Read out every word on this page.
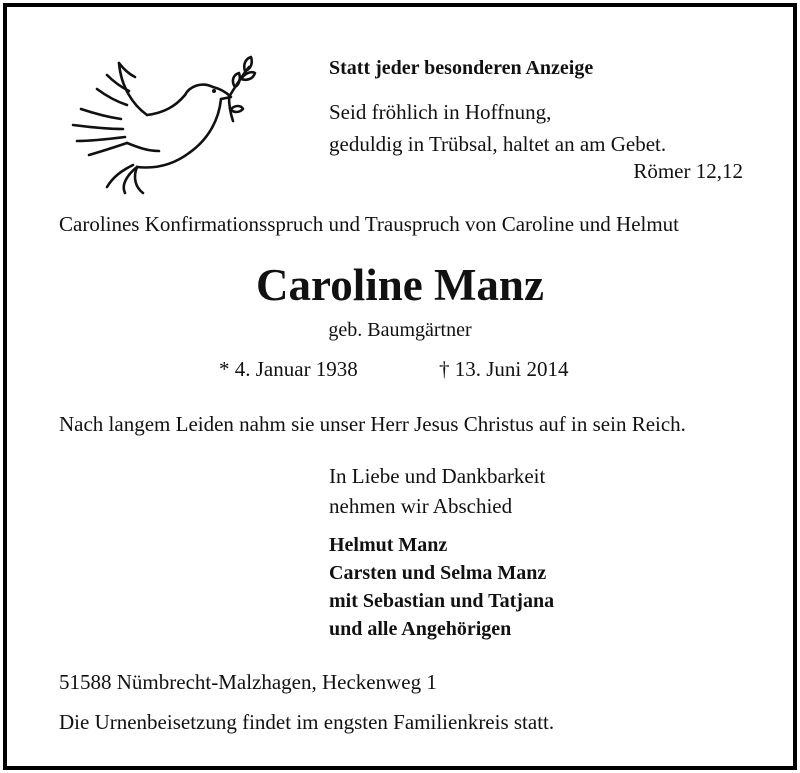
Statt jeder besonderen Anzeige
Seid fröhlich in Hoffnung,
geduldig in Trübsal, haltet an am Gebet.
Römer 12,12
Carolines Konfirmationsspruch und Trauspruch von Caroline und Helmut
Caroline Manz
geb. Baumgärtner
* 4. Januar 1938	† 13. Juni 2014
Nach langem Leiden nahm sie unser Herr Jesus Christus auf in sein Reich.
In Liebe und Dankbarkeit
nehmen wir Abschied
Helmut Manz
Carsten und Selma Manz
mit Sebastian und Tatjana
und alle Angehörigen
51588 Nümbrecht-Malzhagen, Heckenweg 1
Die Urnenbeisetzung findet im engsten Familienkreis statt.
